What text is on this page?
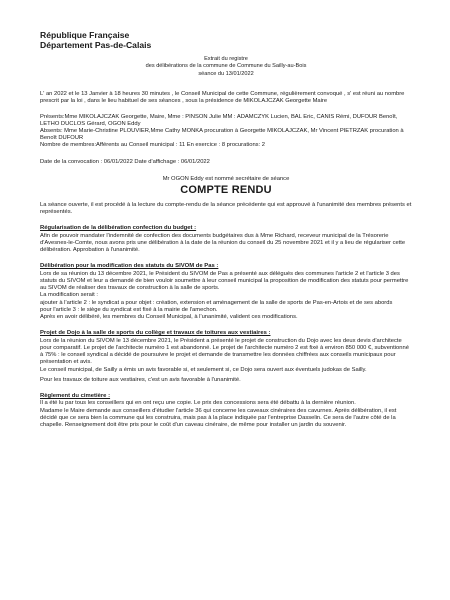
République Française
Département Pas-de-Calais
Extrait du registre
des délibérations de la commune de Commune du Sailly-au-Bois
séance du 13/01/2022

L' an 2022 et le 13 Janvier à 18 heures 30 minutes , le Conseil Municipal de cette Commune, régulièrement convoqué , s' est réuni au nombre prescrit par la loi , dans le lieu habituel de ses séances , sous la présidence de MIKOLAJCZAK Georgette Maire

Présents:Mme MIKOLAJCZAK Georgette, Maire, Mme : PINSON Julie MM : ADAMCZYK Lucien, BAL Eric, CANIS Rémi, DUFOUR Benoît, LETHO DUCLOS Gérard, OGON Eddy

Absents: Mme Marie-Christine PLOUVIER,Mme Cathy MONKA procuration à Georgette MIKOLAJCZAK, Mr Vincent PIETRZAK procuration à Benoît DUFOUR

Nombre de membres:Afférents au Conseil municipal : 11 En exercice : 8 procurations: 2

Date de la convocation : 06/01/2022 Date d'affichage : 06/01/2022

Mr OGON Eddy est nommé secrétaire de séance

COMPTE RENDU

La séance ouverte, il est procédé à la lecture du compte-rendu de la séance précédente qui est approuvé à l'unanimité des membres présents et représentés.

Régularisation de la délibération confection du budget :

Afin de pouvoir mandater l'indemnité de confection des documents budgétaires dus à Mme Richard, receveur municipal de la Trésorerie d'Avesnes-le-Comte, nous avons pris une délibération à la date de la réunion du conseil du 25 novembre 2021 et il y a lieu de régulariser cette délibération. Approbation à l'unanimité.

Délibération pour la modification des statuts du SIVOM de Pas :

Lors de sa réunion du 13 décembre 2021, le Président du SIVOM de Pas a présenté aux délégués des communes l'article 2 et l'article 3 des statuts du SIVOM et leur a demandé de bien vouloir soumettre à leur conseil municipal la proposition de modification des statuts pour permettre au SIVOM de réaliser des travaux de construction à la salle de sports.

La modification serait :

ajouter à l'article 2 : le syndicat a pour objet : création, extension et aménagement de la salle de sports de Pas-en-Artois et de ses abords

pour l'article 3 : le siège du syndicat est fixé à la mairie de l'amechon.

Après en avoir délibéré, les membres du Conseil Municipal, à l'unanimité, valident ces modifications.

Projet de Dojo à la salle de sports du collège et travaux de toitures aux vestiaires :

Lors de la réunion du SIVOM le 13 décembre 2021, le Président a présenté le projet de construction du Dojo avec les deux devis d'architecte pour comparatif. Le projet de l'architecte numéro 1 est abandonné. Le projet de l'architecte numéro 2 est fixé à environ 850 000 €, subventionné à 75% : le conseil syndical a décidé de poursuivre le projet et demande de transmettre les données chiffrées aux conseils municipaux pour présentation et avis.

Le conseil municipal, de Sailly a émis un avis favorable si, et seulement si, ce Dojo sera ouvert aux éventuels judokas de Sailly.

Pour les travaux de toiture aux vestiaires, c'est un avis favorable à l'unanimité.

Règlement du cimetière :

Il a été lu par tous les conseillers qui en ont reçu une copie. Le prix des concessions sera été débattu à la dernière réunion.

Madame le Maire demande aux conseillers d'étudier l'article 36 qui concerne les caveaux cinéraires des cavurnes. Après délibération, il est décidé que ce sera bien la commune qui les construira, mais pas à la place indiquée par l'entreprise Dasselin. Ce sera de l'autre côté de la chapelle. Renseignement doit être pris pour le coût d'un caveau cinéraire, de même pour installer un jardin du souvenir.
